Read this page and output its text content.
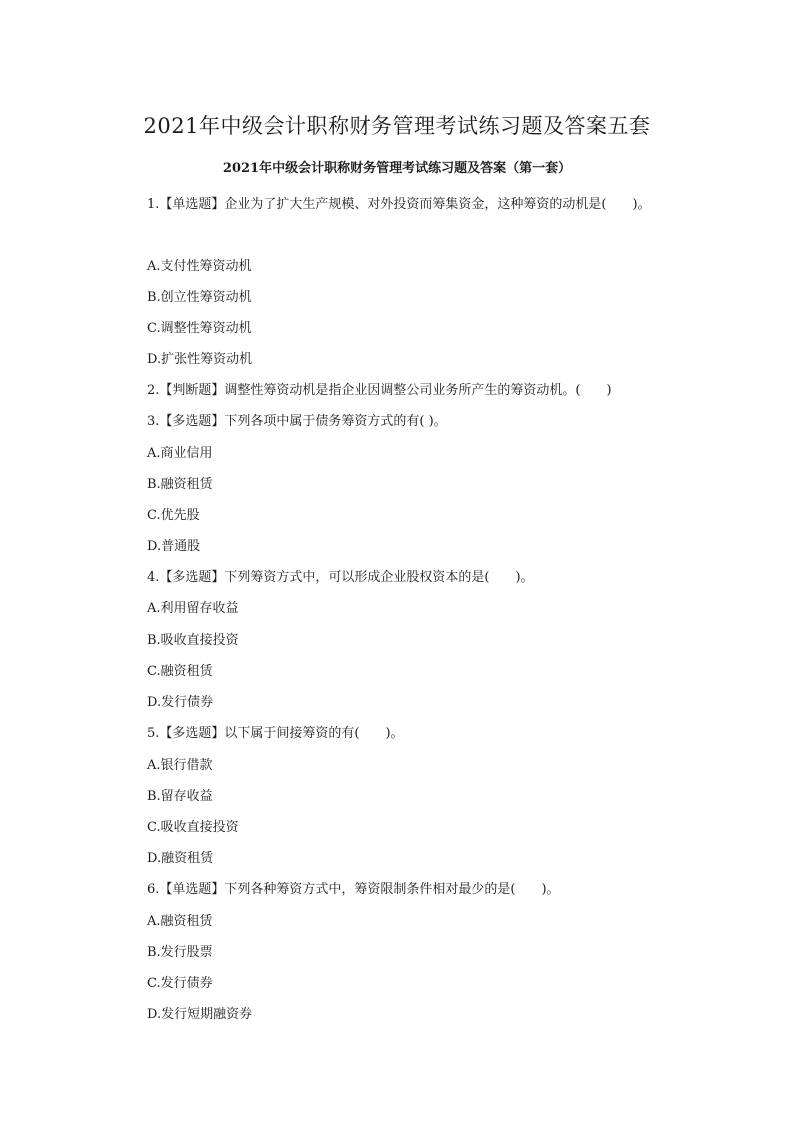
2021年中级会计职称财务管理考试练习题及答案五套
2021年中级会计职称财务管理考试练习题及答案（第一套）

1.【单选题】企业为了扩大生产规模、对外投资而筹集资金，这种筹资的动机是(　　)。

A.支付性筹资动机

B.创立性筹资动机

C.调整性筹资动机

D.扩张性筹资动机

2.【判断题】调整性筹资动机是指企业因调整公司业务所产生的筹资动机。(　　)

3.【多选题】下列各项中属于债务筹资方式的有( )。

A.商业信用

B.融资租赁

C.优先股

D.普通股

4.【多选题】下列筹资方式中，可以形成企业股权资本的是(　　)。

A.利用留存收益

B.吸收直接投资

C.融资租赁

D.发行债券

5.【多选题】以下属于间接筹资的有(　　)。

A.银行借款

B.留存收益

C.吸收直接投资

D.融资租赁

6.【单选题】下列各种筹资方式中，筹资限制条件相对最少的是(　　)。

A.融资租赁

B.发行股票

C.发行债券

D.发行短期融资券
